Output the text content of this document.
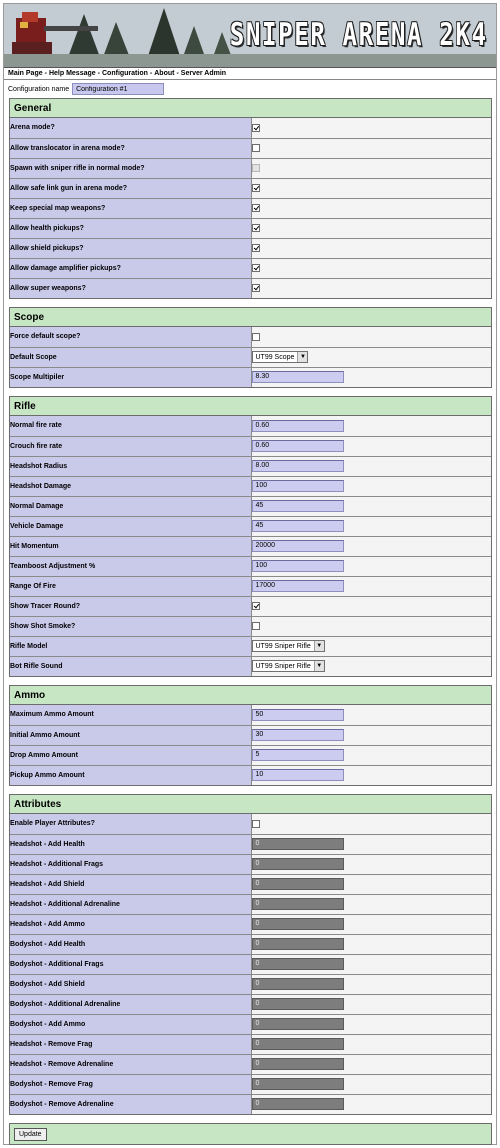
SNIPER ARENA 2K4
Main Page - Help Message - Configuration - About - Server Admin
Configuration name
Configuration #1
General
Arena mode?	
Allow translocator in arena mode?	
Spawn with sniper rifle in normal mode?	
Allow safe link gun in arena mode?	
Keep special map weapons?	
Allow health pickups?	
Allow shield pickups?	
Allow damage amplifier pickups?	
Allow super weapons?	
Scope
Force default scope?	
Default Scope	UT99 Scope ▼

Scope Multipiler	8.30
Rifle
Normal fire rate	0.60
Crouch fire rate	0.60
Headshot Radius	8.00
Headshot Damage	100
Normal Damage	45
Vehicle Damage	45
Hit Momentum	20000
Teamboost Adjustment %	100
Range Of Fire	17000
Show Tracer Round?	
Show Shot Smoke?	
Rifle Model	UT99 Sniper Rifle ▼

Bot Rifle Sound	UT99 Sniper Rifle ▼
Ammo
Maximum Ammo Amount	50
Initial Ammo Amount	30
Drop Ammo Amount	5
Pickup Ammo Amount	10
Attributes
Enable Player Attributes?	
Headshot - Add Health	0
Headshot - Additional Frags	0
Headshot - Add Shield	0
Headshot - Additional Adrenaline	0
Headshot - Add Ammo	0
Bodyshot - Add Health	0
Bodyshot - Additional Frags	0
Bodyshot - Add Shield	0
Bodyshot - Additional Adrenaline	0
Bodyshot - Add Ammo	0
Headshot - Remove Frag	0
Headshot - Remove Adrenaline	0
Bodyshot - Remove Frag	0
Bodyshot - Remove Adrenaline	0
Update
